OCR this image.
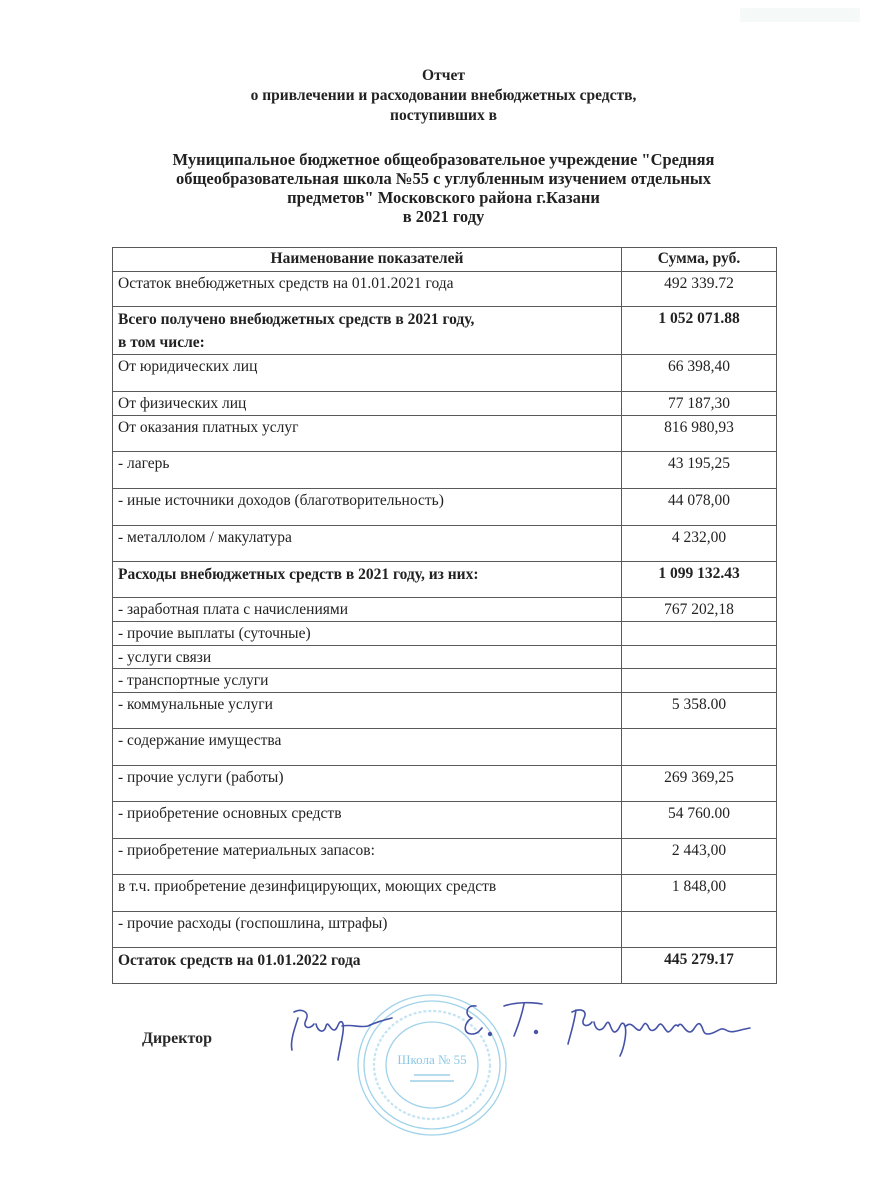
Отчет
о привлечении и расходовании внебюджетных средств,
поступивших в
Муниципальное бюджетное общеобразовательное учреждение "Средняя
общеобразовательная школа №55 с углубленным изучением отдельных
предметов" Московского района г.Казани
в 2021 году
Наименование показателей	Сумма, руб.
Остаток внебюджетных средств на 01.01.2021 года	492 339.72
Всего получено внебюджетных средств в 2021 году,
в том числе:	1 052 071.88
От юридических лиц	66 398,40
От физических лиц	77 187,30
От оказания платных услуг	816 980,93
- лагерь	43 195,25
- иные источники доходов (благотворительность)	44 078,00
- металлолом / макулатура	4 232,00
Расходы внебюджетных средств в 2021 году, из них:	1 099 132.43
- заработная плата с начислениями	767 202,18
- прочие выплаты (суточные)	
- услуги связи	
- транспортные услуги	
- коммунальные услуги	5 358.00
- содержание имущества	
- прочие услуги (работы)	269 369,25
- приобретение основных средств	54 760.00
- приобретение материальных запасов:	2 443,00
в т.ч. приобретение дезинфицирующих, моющих средств	1 848,00
- прочие расходы (госпошлина, штрафы)	
Остаток средств на 01.01.2022 года	445 279.17
Директор
Школа № 55
